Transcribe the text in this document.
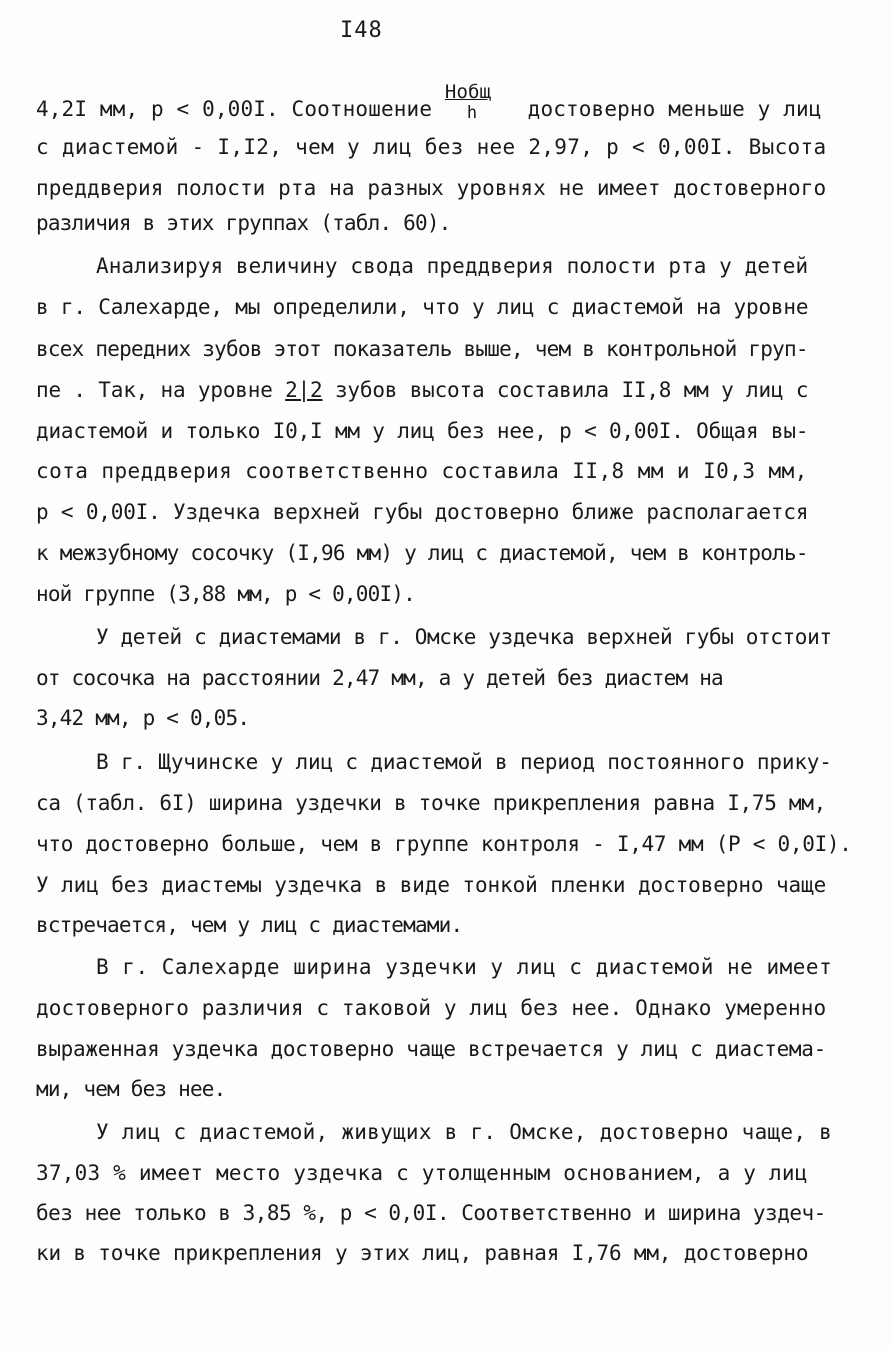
I48
4,2I мм, p < 0,00I. Соотношение $\frac{\text{Нобщ}}{h}$ достоверно меньше у лиц
с диастемой - I,I2, чем у лиц без нее 2,97, p < 0,00I. Высота
преддверия полости рта на разных уровнях не имеет достоверного
различия в этих группах (табл. 60).
Анализируя величину свода преддверия полости рта у детей
в г. Салехарде, мы определили, что у лиц с диастемой на уровне
всех передних зубов этот показатель выше, чем в контрольной груп-
пе . Так, на уровне 2|2 зубов высота составила II,8 мм у лиц с
диастемой и только I0,I мм у лиц без нее, p < 0,00I. Общая вы-
сота преддверия соответственно составила II,8 мм и I0,3 мм,
p < 0,00I. Уздечка верхней губы достоверно ближе располагается
к межзубному сосочку (I,96 мм) у лиц с диастемой, чем в контроль-
ной группе (3,88 мм, p < 0,00I).
У детей с диастемами в г. Омске уздечка верхней губы отстоит
от сосочка на расстоянии 2,47 мм, а у детей без диастем на
3,42 мм, p < 0,05.
В г. Щучинске у лиц с диастемой в период постоянного прику-
са (табл. 6I) ширина уздечки в точке прикрепления равна I,75 мм,
что достоверно больше, чем в группе контроля - I,47 мм (P < 0,0I).
У лиц без диастемы уздечка в виде тонкой пленки достоверно чаще
встречается, чем у лиц с диастемами.
В г. Салехарде ширина уздечки у лиц с диастемой не имеет
достоверного различия с таковой у лиц без нее. Однако умеренно
выраженная уздечка достоверно чаще встречается у лиц с диастема-
ми, чем без нее.
У лиц с диастемой, живущих в г. Омске, достоверно чаще, в
37,03 % имеет место уздечка с утолщенным основанием, а у лиц
без нее только в 3,85 %, p < 0,0I. Соответственно и ширина уздеч-
ки в точке прикрепления у этих лиц, равная I,76 мм, достоверно
